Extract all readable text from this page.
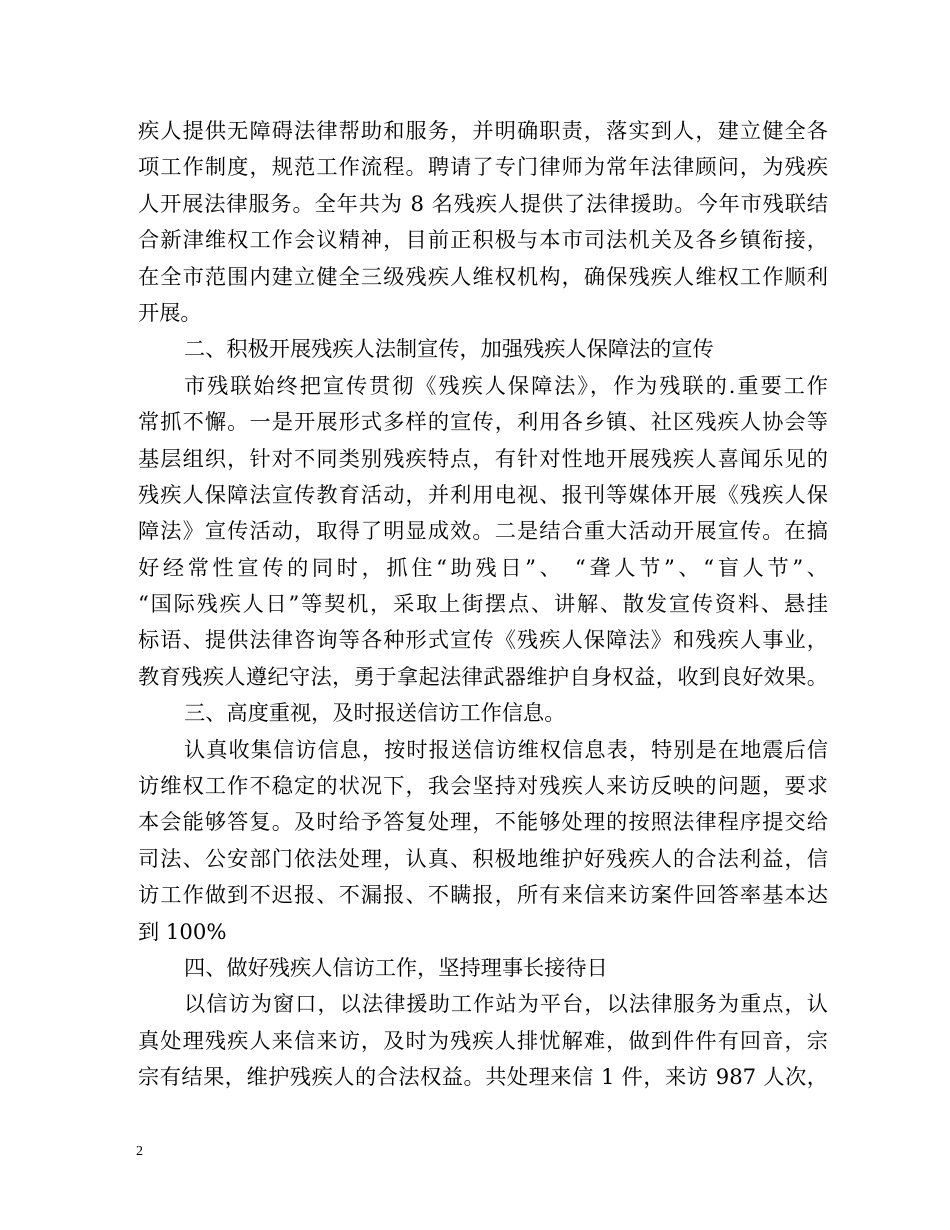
疾人提供无障碍法律帮助和服务，并明确职责，落实到人，建立健全各
项工作制度，规范工作流程。聘请了专门律师为常年法律顾问，为残疾
人开展法律服务。全年共为 8 名残疾人提供了法律援助。今年市残联结
合新津维权工作会议精神，目前正积极与本市司法机关及各乡镇衔接，
在全市范围内建立健全三级残疾人维权机构，确保残疾人维权工作顺利
开展。
二、积极开展残疾人法制宣传，加强残疾人保障法的宣传
市残联始终把宣传贯彻《残疾人保障法》，作为残联的.重要工作
常抓不懈。一是开展形式多样的宣传，利用各乡镇、社区残疾人协会等
基层组织，针对不同类别残疾特点，有针对性地开展残疾人喜闻乐见的
残疾人保障法宣传教育活动，并利用电视、报刊等媒体开展《残疾人保
障法》宣传活动，取得了明显成效。二是结合重大活动开展宣传。在搞
好经常性宣传的同时，抓住“助残日”、 “聋人节”、“盲人节”、
“国际残疾人日”等契机，采取上街摆点、讲解、散发宣传资料、悬挂
标语、提供法律咨询等各种形式宣传《残疾人保障法》和残疾人事业，
教育残疾人遵纪守法，勇于拿起法律武器维护自身权益，收到良好效果。
三、高度重视，及时报送信访工作信息。
认真收集信访信息，按时报送信访维权信息表，特别是在地震后信
访维权工作不稳定的状况下，我会坚持对残疾人来访反映的问题，要求
本会能够答复。及时给予答复处理，不能够处理的按照法律程序提交给
司法、公安部门依法处理，认真、积极地维护好残疾人的合法利益，信
访工作做到不迟报、不漏报、不瞒报，所有来信来访案件回答率基本达
到 100%
四、做好残疾人信访工作，坚持理事长接待日
以信访为窗口，以法律援助工作站为平台，以法律服务为重点，认
真处理残疾人来信来访，及时为残疾人排忧解难，做到件件有回音，宗
宗有结果，维护残疾人的合法权益。共处理来信 1 件，来访 987 人次，
2
